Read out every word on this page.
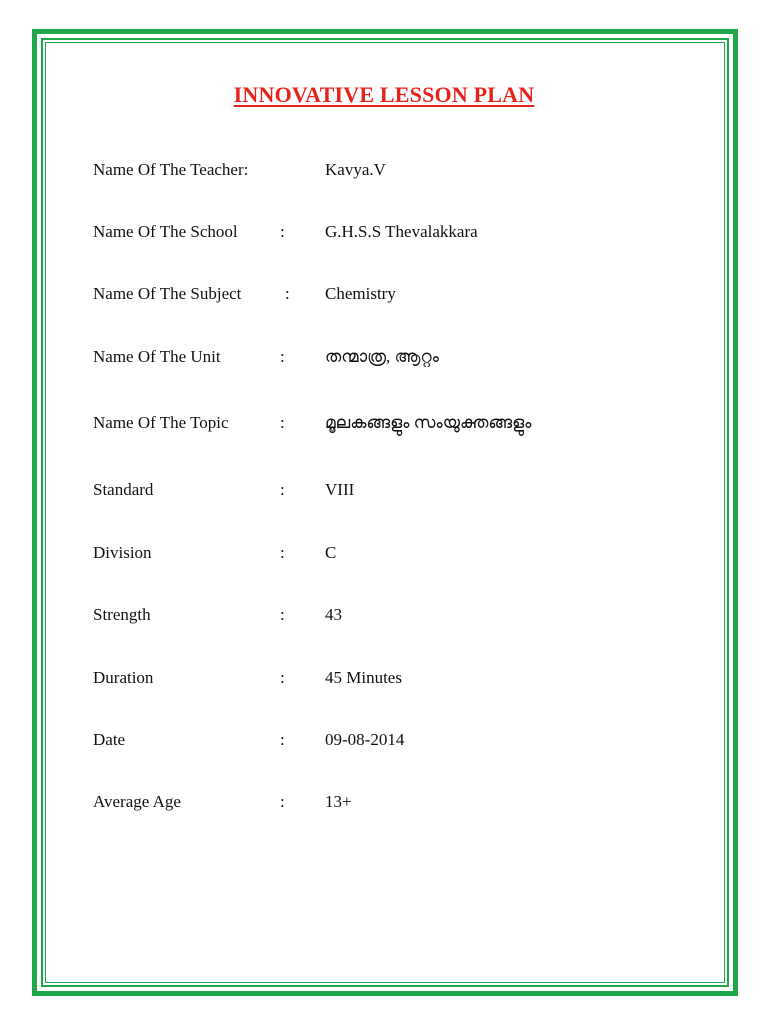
INNOVATIVE LESSON PLAN
Name Of The Teacher:	Kavya.V
Name Of The School : G.H.S.S Thevalakkara
Name Of The Subject	: Chemistry
Name Of The Unit	: തന്മാത്ര, ആറ്റം
Name Of The Topic	: മൂലകങ്ങളും സംയുക്തങ്ങളും
Standard	: VIII
Division	: C
Strength	: 43
Duration	: 45 Minutes
Date	: 09-08-2014
Average Age	: 13+
